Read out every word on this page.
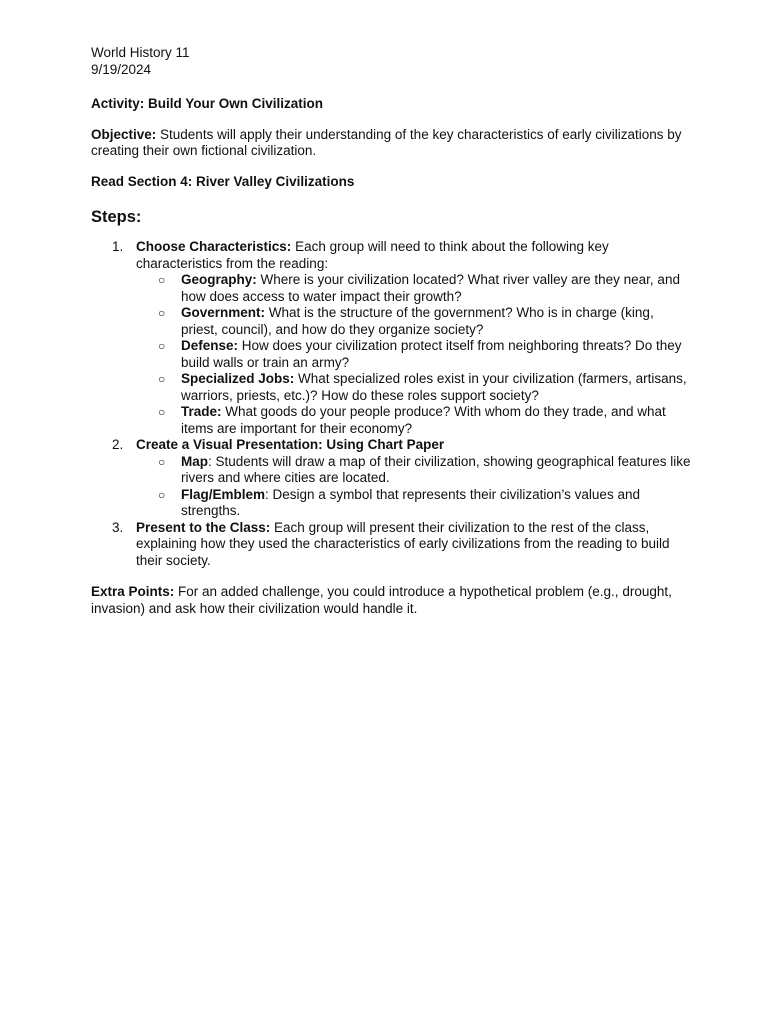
World History 11
9/19/2024
Activity: Build Your Own Civilization
Objective: Students will apply their understanding of the key characteristics of early civilizations by creating their own fictional civilization.
Read Section 4: River Valley Civilizations
Steps:
1. Choose Characteristics: Each group will need to think about the following key characteristics from the reading:
○ Geography: Where is your civilization located? What river valley are they near, and how does access to water impact their growth?
○ Government: What is the structure of the government? Who is in charge (king, priest, council), and how do they organize society?
○ Defense: How does your civilization protect itself from neighboring threats? Do they build walls or train an army?
○ Specialized Jobs: What specialized roles exist in your civilization (farmers, artisans, warriors, priests, etc.)? How do these roles support society?
○ Trade: What goods do your people produce? With whom do they trade, and what items are important for their economy?
2. Create a Visual Presentation: Using Chart Paper
○ Map: Students will draw a map of their civilization, showing geographical features like rivers and where cities are located.
○ Flag/Emblem: Design a symbol that represents their civilization’s values and strengths.
3. Present to the Class: Each group will present their civilization to the rest of the class, explaining how they used the characteristics of early civilizations from the reading to build their society.
Extra Points: For an added challenge, you could introduce a hypothetical problem (e.g., drought, invasion) and ask how their civilization would handle it.
